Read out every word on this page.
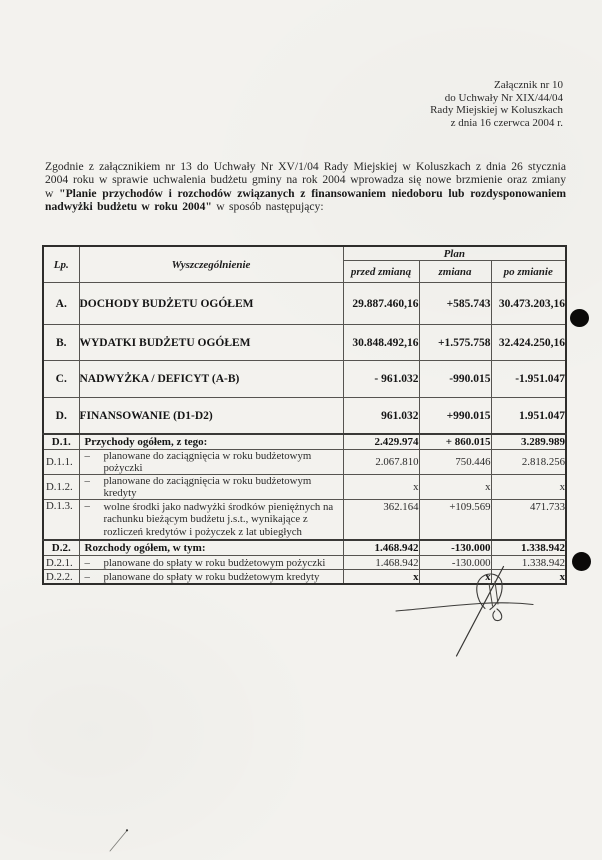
Załącznik nr 10
do Uchwały Nr XIX/44/04
Rady Miejskiej w Koluszkach
z dnia 16 czerwca 2004 r.
Zgodnie z załącznikiem nr 13 do Uchwały Nr XV/1/04 Rady Miejskiej w Koluszkach z dnia 26 stycznia 2004 roku w sprawie uchwalenia budżetu gminy na rok 2004 wprowadza się nowe brzmienie oraz zmiany w "Planie przychodów i rozchodów związanych z finansowaniem niedoboru lub rozdysponowaniem nadwyżki budżetu w roku 2004" w sposób następujący:
Lp.	Wyszczególnienie	Plan		
		przed zmianą	zmiana	po zmianie
A.	DOCHODY BUDŻETU OGÓŁEM	29.887.460,16	+585.743	30.473.203,16
B.	WYDATKI BUDŻETU OGÓŁEM	30.848.492,16	+1.575.758	32.424.250,16
C.	NADWYŻKA / DEFICYT (A-B)	- 961.032	-990.015	-1.951.047
D.	FINANSOWANIE (D1-D2)	961.032	+990.015	1.951.047
D.1.	Przychody ogółem, z tego:	2.429.974	+ 860.015	3.289.989
D.1.1.	– planowane do zaciągnięcia w roku budżetowym pożyczki	2.067.810	750.446	2.818.256
D.1.2.	– planowane do zaciągnięcia w roku budżetowym kredyty	x	x	x
D.1.3.	– wolne środki jako nadwyżki środków pieniężnych na rachunku bieżącym budżetu j.s.t., wynikające z rozliczeń kredytów i pożyczek z lat ubiegłych	362.164	+109.569	471.733
D.2.	Rozchody ogółem, w tym:	1.468.942	-130.000	1.338.942
D.2.1.	– planowane do spłaty w roku budżetowym pożyczki	1.468.942	-130.000	1.338.942
D.2.2.	– planowane do spłaty w roku budżetowym kredyty	x	x	x
